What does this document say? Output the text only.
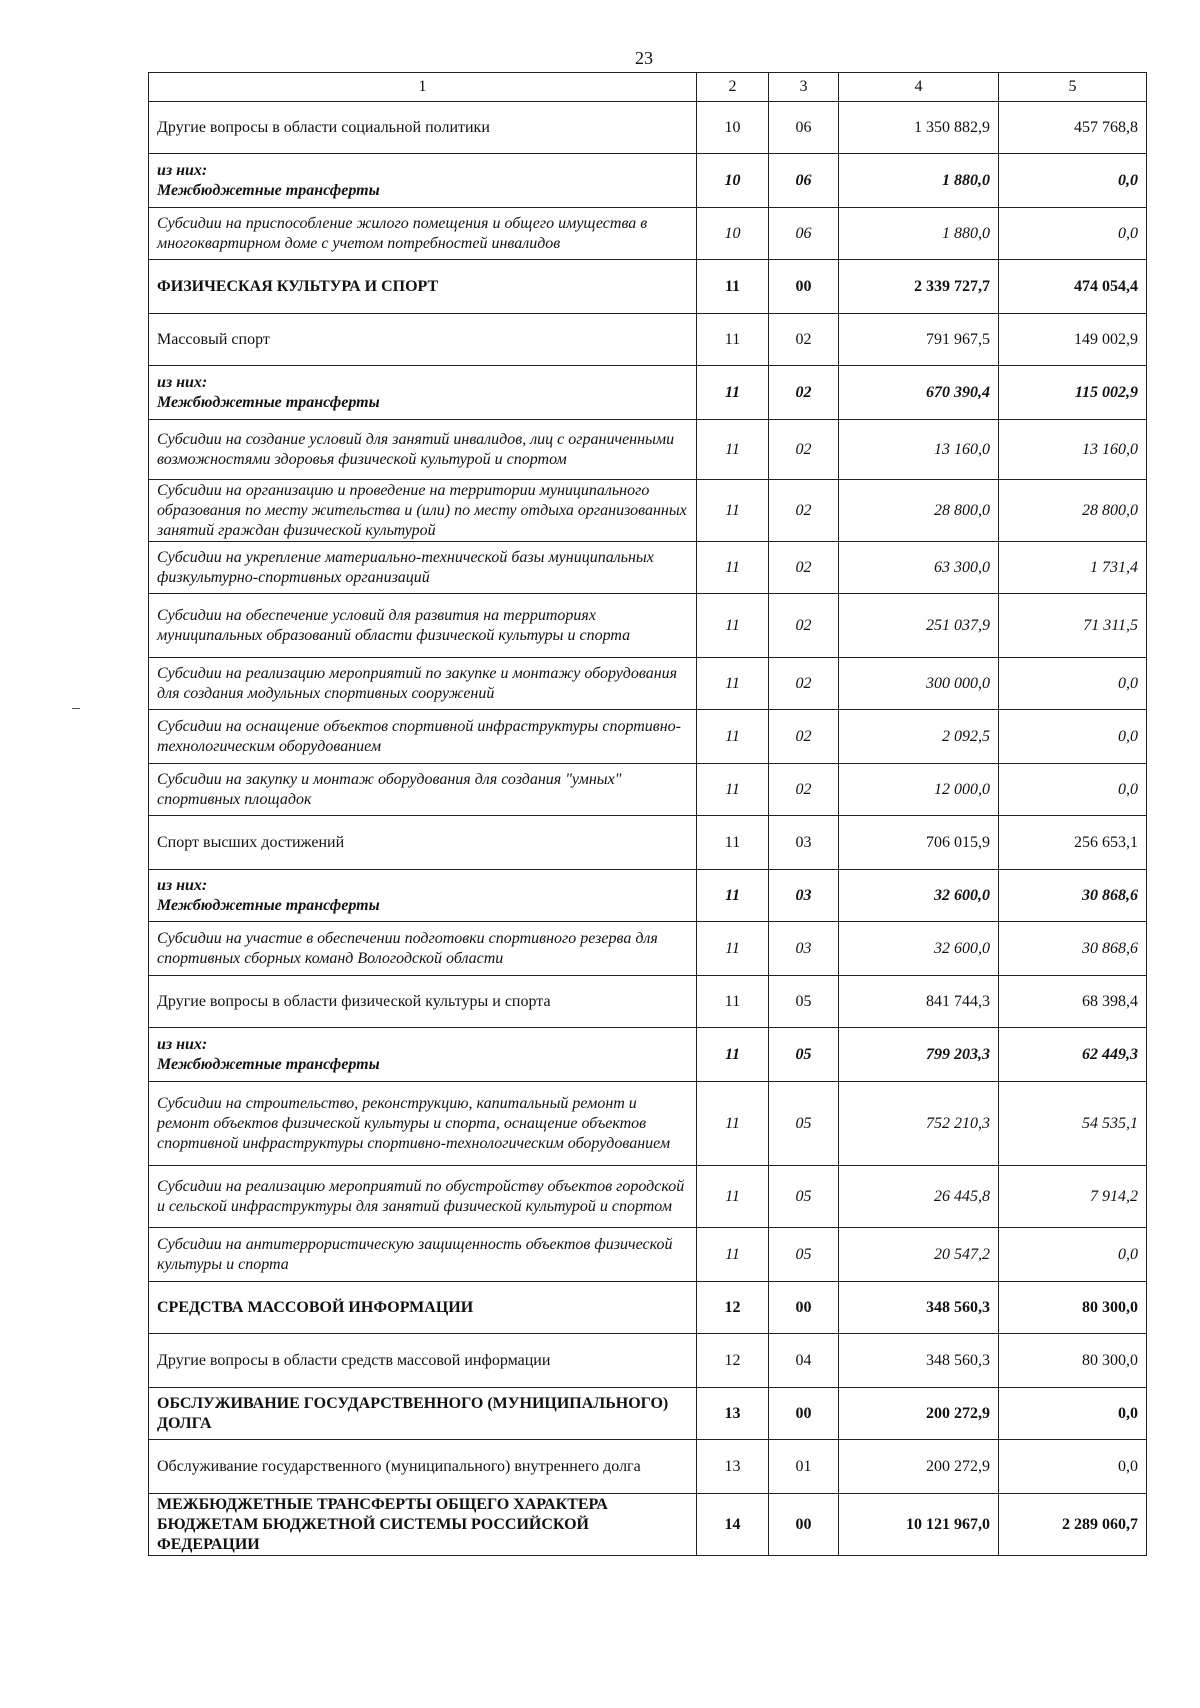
23
1	2	3	4	5
Другие вопросы в области социальной политики	10	06	1 350 882,9	457 768,8

из них:
Межбюджетные трансферты	10	06	1 880,0	0,0
Субсидии на приспособление жилого помещения и общего имущества в многоквартирном доме с учетом потребностей инвалидов	10	06	1 880,0	0,0
ФИЗИЧЕСКАЯ КУЛЬТУРА И СПОРТ	11	00	2 339 727,7	474 054,4
Массовый спорт	11	02	791 967,5	149 002,9

из них:
Межбюджетные трансферты	11	02	670 390,4	115 002,9
Субсидии на создание условий для занятий инвалидов, лиц с ограниченными возможностями здоровья физической культурой и спортом	11	02	13 160,0	13 160,0
Субсидии на организацию и проведение на территории муниципального образования по месту жительства и (или) по месту отдыха организованных занятий граждан физической культурой	11	02	28 800,0	28 800,0
Субсидии на укрепление материально-технической базы муниципальных физкультурно-спортивных организаций	11	02	63 300,0	1 731,4
Субсидии на обеспечение условий для развития на территориях муниципальных образований области физической культуры и спорта	11	02	251 037,9	71 311,5
Субсидии на реализацию мероприятий по закупке и монтажу оборудования для создания модульных спортивных сооружений	11	02	300 000,0	0,0
Субсидии на оснащение объектов спортивной инфраструктуры спортивно-технологическим оборудованием	11	02	2 092,5	0,0
Субсидии на закупку и монтаж оборудования для создания "умных" спортивных площадок	11	02	12 000,0	0,0
Спорт высших достижений	11	03	706 015,9	256 653,1

из них:
Межбюджетные трансферты	11	03	32 600,0	30 868,6
Субсидии на участие в обеспечении подготовки спортивного резерва для спортивных сборных команд Вологодской области	11	03	32 600,0	30 868,6
Другие вопросы в области физической культуры и спорта	11	05	841 744,3	68 398,4

из них:
Межбюджетные трансферты	11	05	799 203,3	62 449,3
Субсидии на строительство, реконструкцию, капитальный ремонт и ремонт объектов физической культуры и спорта, оснащение объектов спортивной инфраструктуры спортивно-технологическим оборудованием	11	05	752 210,3	54 535,1
Субсидии на реализацию мероприятий по обустройству объектов городской и сельской инфраструктуры для занятий физической культурой и спортом	11	05	26 445,8	7 914,2
Субсидии на антитеррористическую защищенность объектов физической культуры и спорта	11	05	20 547,2	0,0
СРЕДСТВА МАССОВОЙ ИНФОРМАЦИИ	12	00	348 560,3	80 300,0
Другие вопросы в области средств массовой информации	12	04	348 560,3	80 300,0
ОБСЛУЖИВАНИЕ ГОСУДАРСТВЕННОГО (МУНИЦИПАЛЬНОГО) ДОЛГА	13	00	200 272,9	0,0
Обслуживание государственного (муниципального) внутреннего долга	13	01	200 272,9	0,0
МЕЖБЮДЖЕТНЫЕ ТРАНСФЕРТЫ ОБЩЕГО ХАРАКТЕРА БЮДЖЕТАМ БЮДЖЕТНОЙ СИСТЕМЫ РОССИЙСКОЙ ФЕДЕРАЦИИ	14	00	10 121 967,0	2 289 060,7
